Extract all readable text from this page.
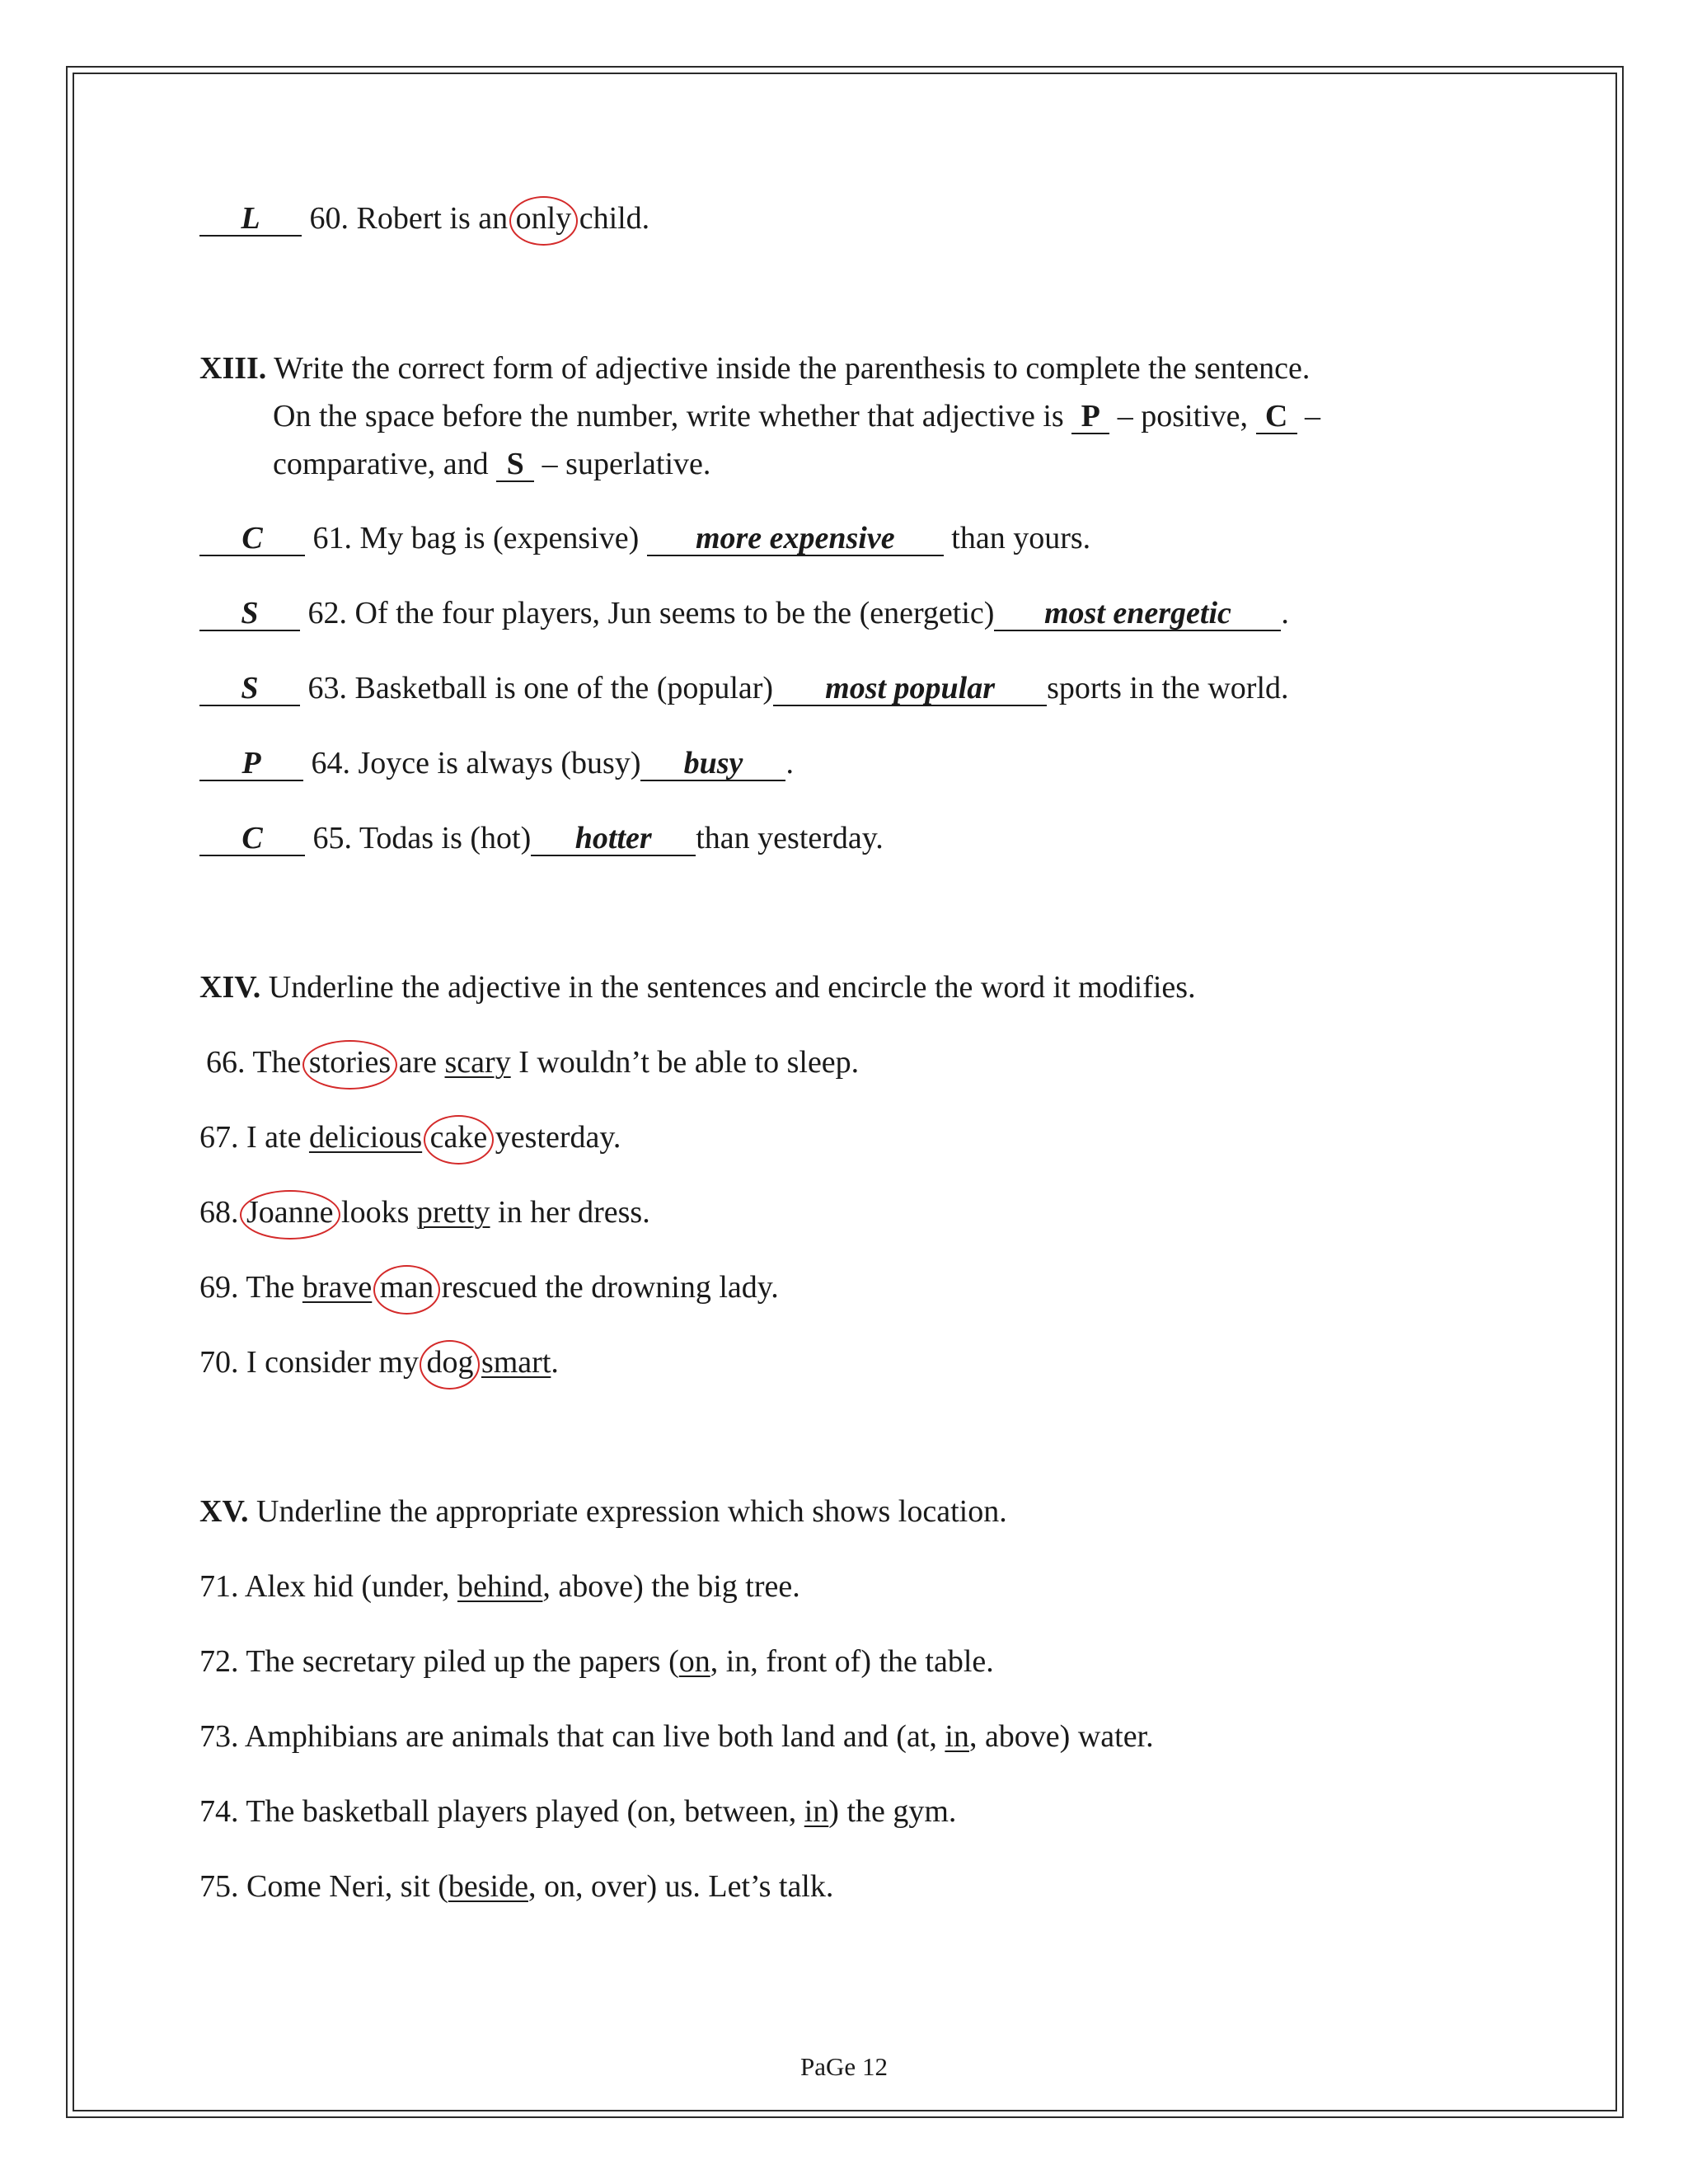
L 60. Robert is an only child.
XIII. Write the correct form of adjective inside the parenthesis to complete the sentence.
On the space before the number, write whether that adjective is P – positive, C –
comparative, and S – superlative.
C 61. My bag is (expensive) more expensive than yours.
S 62. Of the four players, Jun seems to be the (energetic) most energetic .
S 63. Basketball is one of the (popular) most popular sports in the world.
P 64. Joyce is always (busy) busy .
C 65. Todas is (hot) hotter than yesterday.
XIV. Underline the adjective in the sentences and encircle the word it modifies.
66. The stories are scary I wouldn’t be able to sleep.
67. I ate delicious cake yesterday.
68. Joanne looks pretty in her dress.
69. The brave man rescued the drowning lady.
70. I consider my dog smart.
XV. Underline the appropriate expression which shows location.
71. Alex hid (under, behind, above) the big tree.
72. The secretary piled up the papers (on, in, front of) the table.
73. Amphibians are animals that can live both land and (at, in, above) water.
74. The basketball players played (on, between, in) the gym.
75. Come Neri, sit (beside, on, over) us. Let’s talk.
PaGe 12
